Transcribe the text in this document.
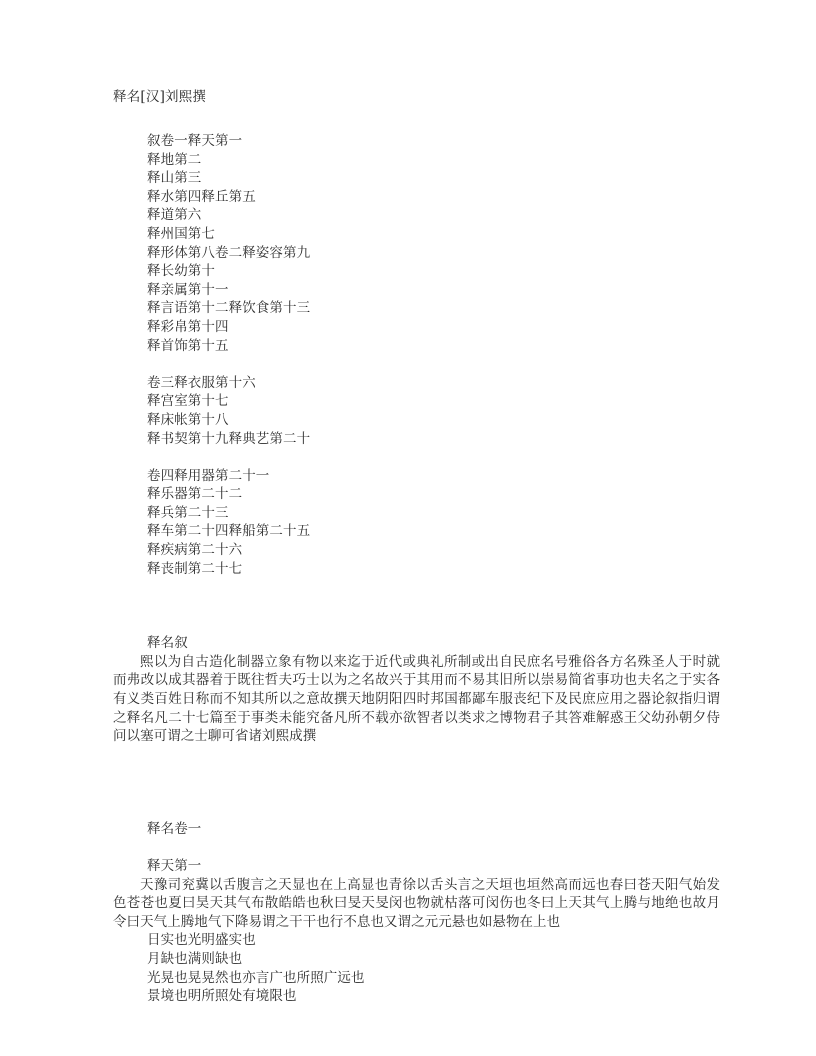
释名[汉]刘熙撰

叙卷一释天第一
释地第二
释山第三
释水第四释丘第五
释道第六
释州国第七
释形体第八卷二释姿容第九
释长幼第十
释亲属第十一
释言语第十二释饮食第十三
释彩帛第十四
释首饰第十五
卷三释衣服第十六
释宫室第十七
释床帐第十八
释书契第十九释典艺第二十
卷四释用器第二十一
释乐器第二十二
释兵第二十三
释车第二十四释船第二十五
释疾病第二十六
释丧制第二十七

释名叙

熙以为自古造化制器立象有物以来迄于近代或典礼所制或出自民庶名号雅俗各方名殊圣人于时就而弗改以成其器着于既往哲夫巧士以为之名故兴于其用而不易其旧所以崇易简省事功也夫名之于实各有义类百姓日称而不知其所以之意故撰天地阴阳四时邦国都鄙车服丧纪下及民庶应用之器论叙指归谓之释名凡二十七篇至于事类未能究备凡所不载亦欲智者以类求之博物君子其答难解惑王父幼孙朝夕侍问以塞可谓之士聊可省诸刘熙成撰

释名卷一

释天第一

天豫司兖冀以舌腹言之天显也在上高显也青徐以舌头言之天垣也垣然高而远也春曰苍天阳气始发色苍苍也夏曰昊天其气布散皓皓也秋曰旻天旻闵也物就枯落可闵伤也冬曰上天其气上腾与地绝也故月令曰天气上腾地气下降易谓之干干也行不息也又谓之元元悬也如悬物在上也

日实也光明盛实也
月缺也满则缺也
光晃也晃晃然也亦言广也所照广远也
景境也明所照处有境限也
